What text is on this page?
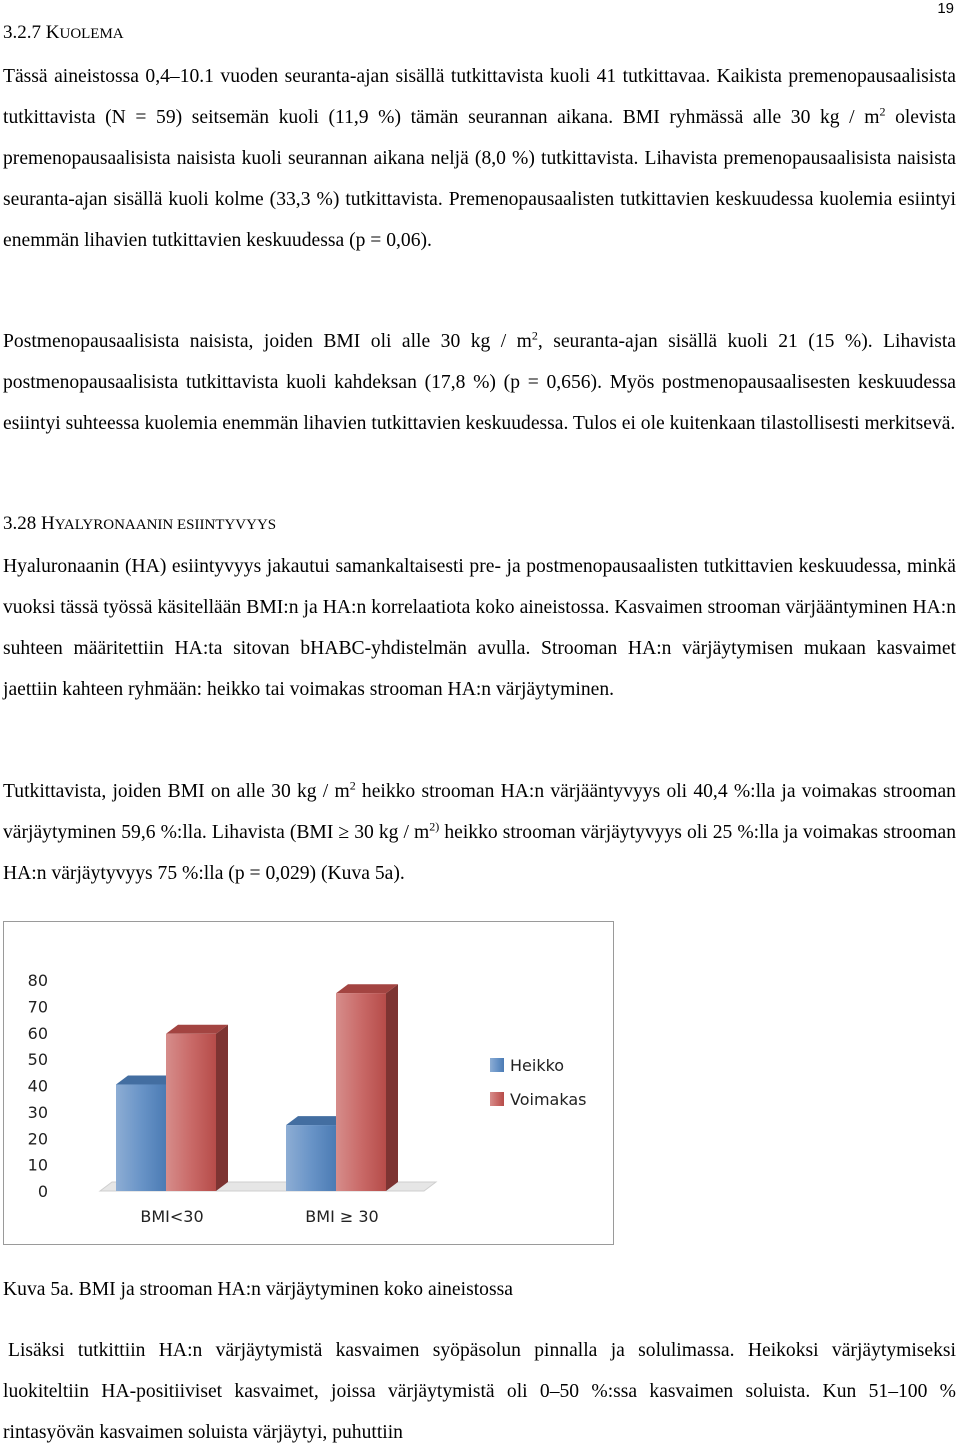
19
3.2.7 KUOLEMA

Tässä aineistossa 0,4–10.1 vuoden seuranta-ajan sisällä tutkittavista kuoli 41 tutkittavaa. Kaikista premenopausaalisista tutkittavista (N = 59) seitsemän kuoli (11,9 %) tämän seurannan aikana. BMI ryhmässä alle 30 kg / $m^2$ olevista premenopausaalisista naisista kuoli seurannan aikana neljä (8,0 %) tutkittavista. Lihavista premenopausaalisista naisista seuranta-ajan sisällä kuoli kolme (33,3 %) tutkittavista. Premenopausaalisten tutkittavien keskuudessa kuolemia esiintyi enemmän lihavien tutkittavien keskuudessa (p = 0,06).

Postmenopausaalisista naisista, joiden BMI oli alle 30 kg / $m^2$, seuranta-ajan sisällä kuoli 21 (15 %). Lihavista postmenopausaalisista tutkittavista kuoli kahdeksan (17,8 %) (p = 0,656). Myös postmenopausaalisesten keskuudessa esiintyi suhteessa kuolemia enemmän lihavien tutkittavien keskuudessa. Tulos ei ole kuitenkaan tilastollisesti merkitsevä.

3.28 HYALYRONAANIN ESIINTYVYYS

Hyaluronaanin (HA) esiintyvyys jakautui samankaltaisesti pre- ja postmenopausaalisten tutkittavien keskuudessa, minkä vuoksi tässä työssä käsitellään BMI:n ja HA:n korrelaatiota koko aineistossa. Kasvaimen strooman värjääntyminen HA:n suhteen määritettiin HA:ta sitovan bHABC-yhdistelmän avulla. Strooman HA:n värjäytymisen mukaan kasvaimet jaettiin kahteen ryhmään: heikko tai voimakas strooman HA:n värjäytyminen.

Tutkittavista, joiden BMI on alle 30 kg / $m^2$ heikko strooman HA:n värjääntyvyys oli 40,4 %:lla ja voimakas strooman värjäytyminen 59,6 %:lla. Lihavista (BMI ≥ 30 kg / $m^{2)}$ heikko strooman värjäytyvyys oli 25 %:lla ja voimakas strooman HA:n värjäytyvyys 75 %:lla (p = 0,029) (Kuva 5a).

0
10
20
30
40
50
60
70
80
BMI<30	BMI ≥ 30
Heikko
Voimakas
Kuva 5a. BMI ja strooman HA:n värjäytyminen koko aineistossa

Lisäksi tutkittiin HA:n värjäytymistä kasvaimen syöpäsolun pinnalla ja solulimassa. Heikoksi värjäytymiseksi luokiteltiin HA-positiiviset kasvaimet, joissa värjäytymistä oli 0–50 %:ssa kasvaimen soluista. Kun 51–100 % rintasyövän kasvaimen soluista värjäytyi, puhuttiin
